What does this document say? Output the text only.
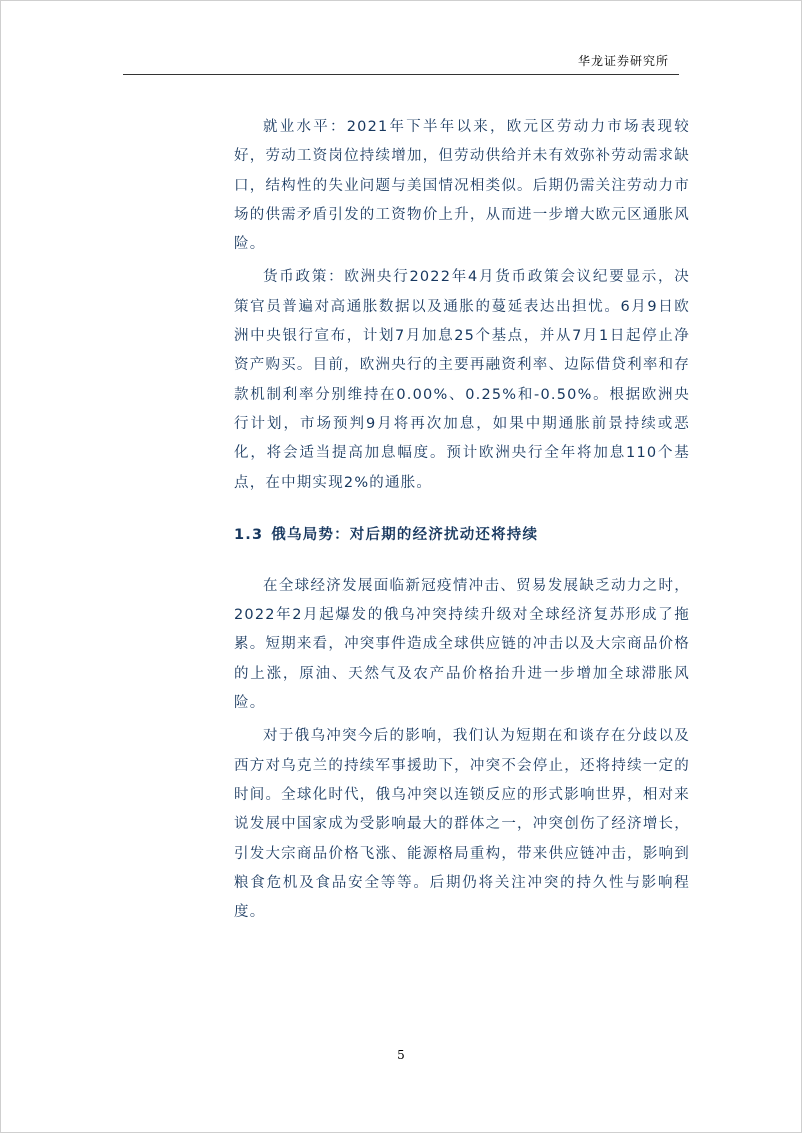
华龙证券研究所

就业水平：2021年下半年以来，欧元区劳动力市场表现较好，劳动工资岗位持续增加，但劳动供给并未有效弥补劳动需求缺口，结构性的失业问题与美国情况相类似。后期仍需关注劳动力市场的供需矛盾引发的工资物价上升，从而进一步增大欧元区通胀风险。

货币政策：欧洲央行2022年4月货币政策会议纪要显示，决策官员普遍对高通胀数据以及通胀的蔓延表达出担忧。6月9日欧洲中央银行宣布，计划7月加息25个基点，并从7月1日起停止净资产购买。目前，欧洲央行的主要再融资利率、边际借贷利率和存款机制利率分别维持在0.00%、0.25%和-0.50%。根据欧洲央行计划，市场预判9月将再次加息，如果中期通胀前景持续或恶化，将会适当提高加息幅度。预计欧洲央行全年将加息110个基点，在中期实现2%的通胀。

1.3 俄乌局势：对后期的经济扰动还将持续

在全球经济发展面临新冠疫情冲击、贸易发展缺乏动力之时，2022年2月起爆发的俄乌冲突持续升级对全球经济复苏形成了拖累。短期来看，冲突事件造成全球供应链的冲击以及大宗商品价格的上涨，原油、天然气及农产品价格抬升进一步增加全球滞胀风险。

对于俄乌冲突今后的影响，我们认为短期在和谈存在分歧以及西方对乌克兰的持续军事援助下，冲突不会停止，还将持续一定的时间。全球化时代，俄乌冲突以连锁反应的形式影响世界，相对来说发展中国家成为受影响最大的群体之一，冲突创伤了经济增长，引发大宗商品价格飞涨、能源格局重构，带来供应链冲击，影响到粮食危机及食品安全等等。后期仍将关注冲突的持久性与影响程度。

5
